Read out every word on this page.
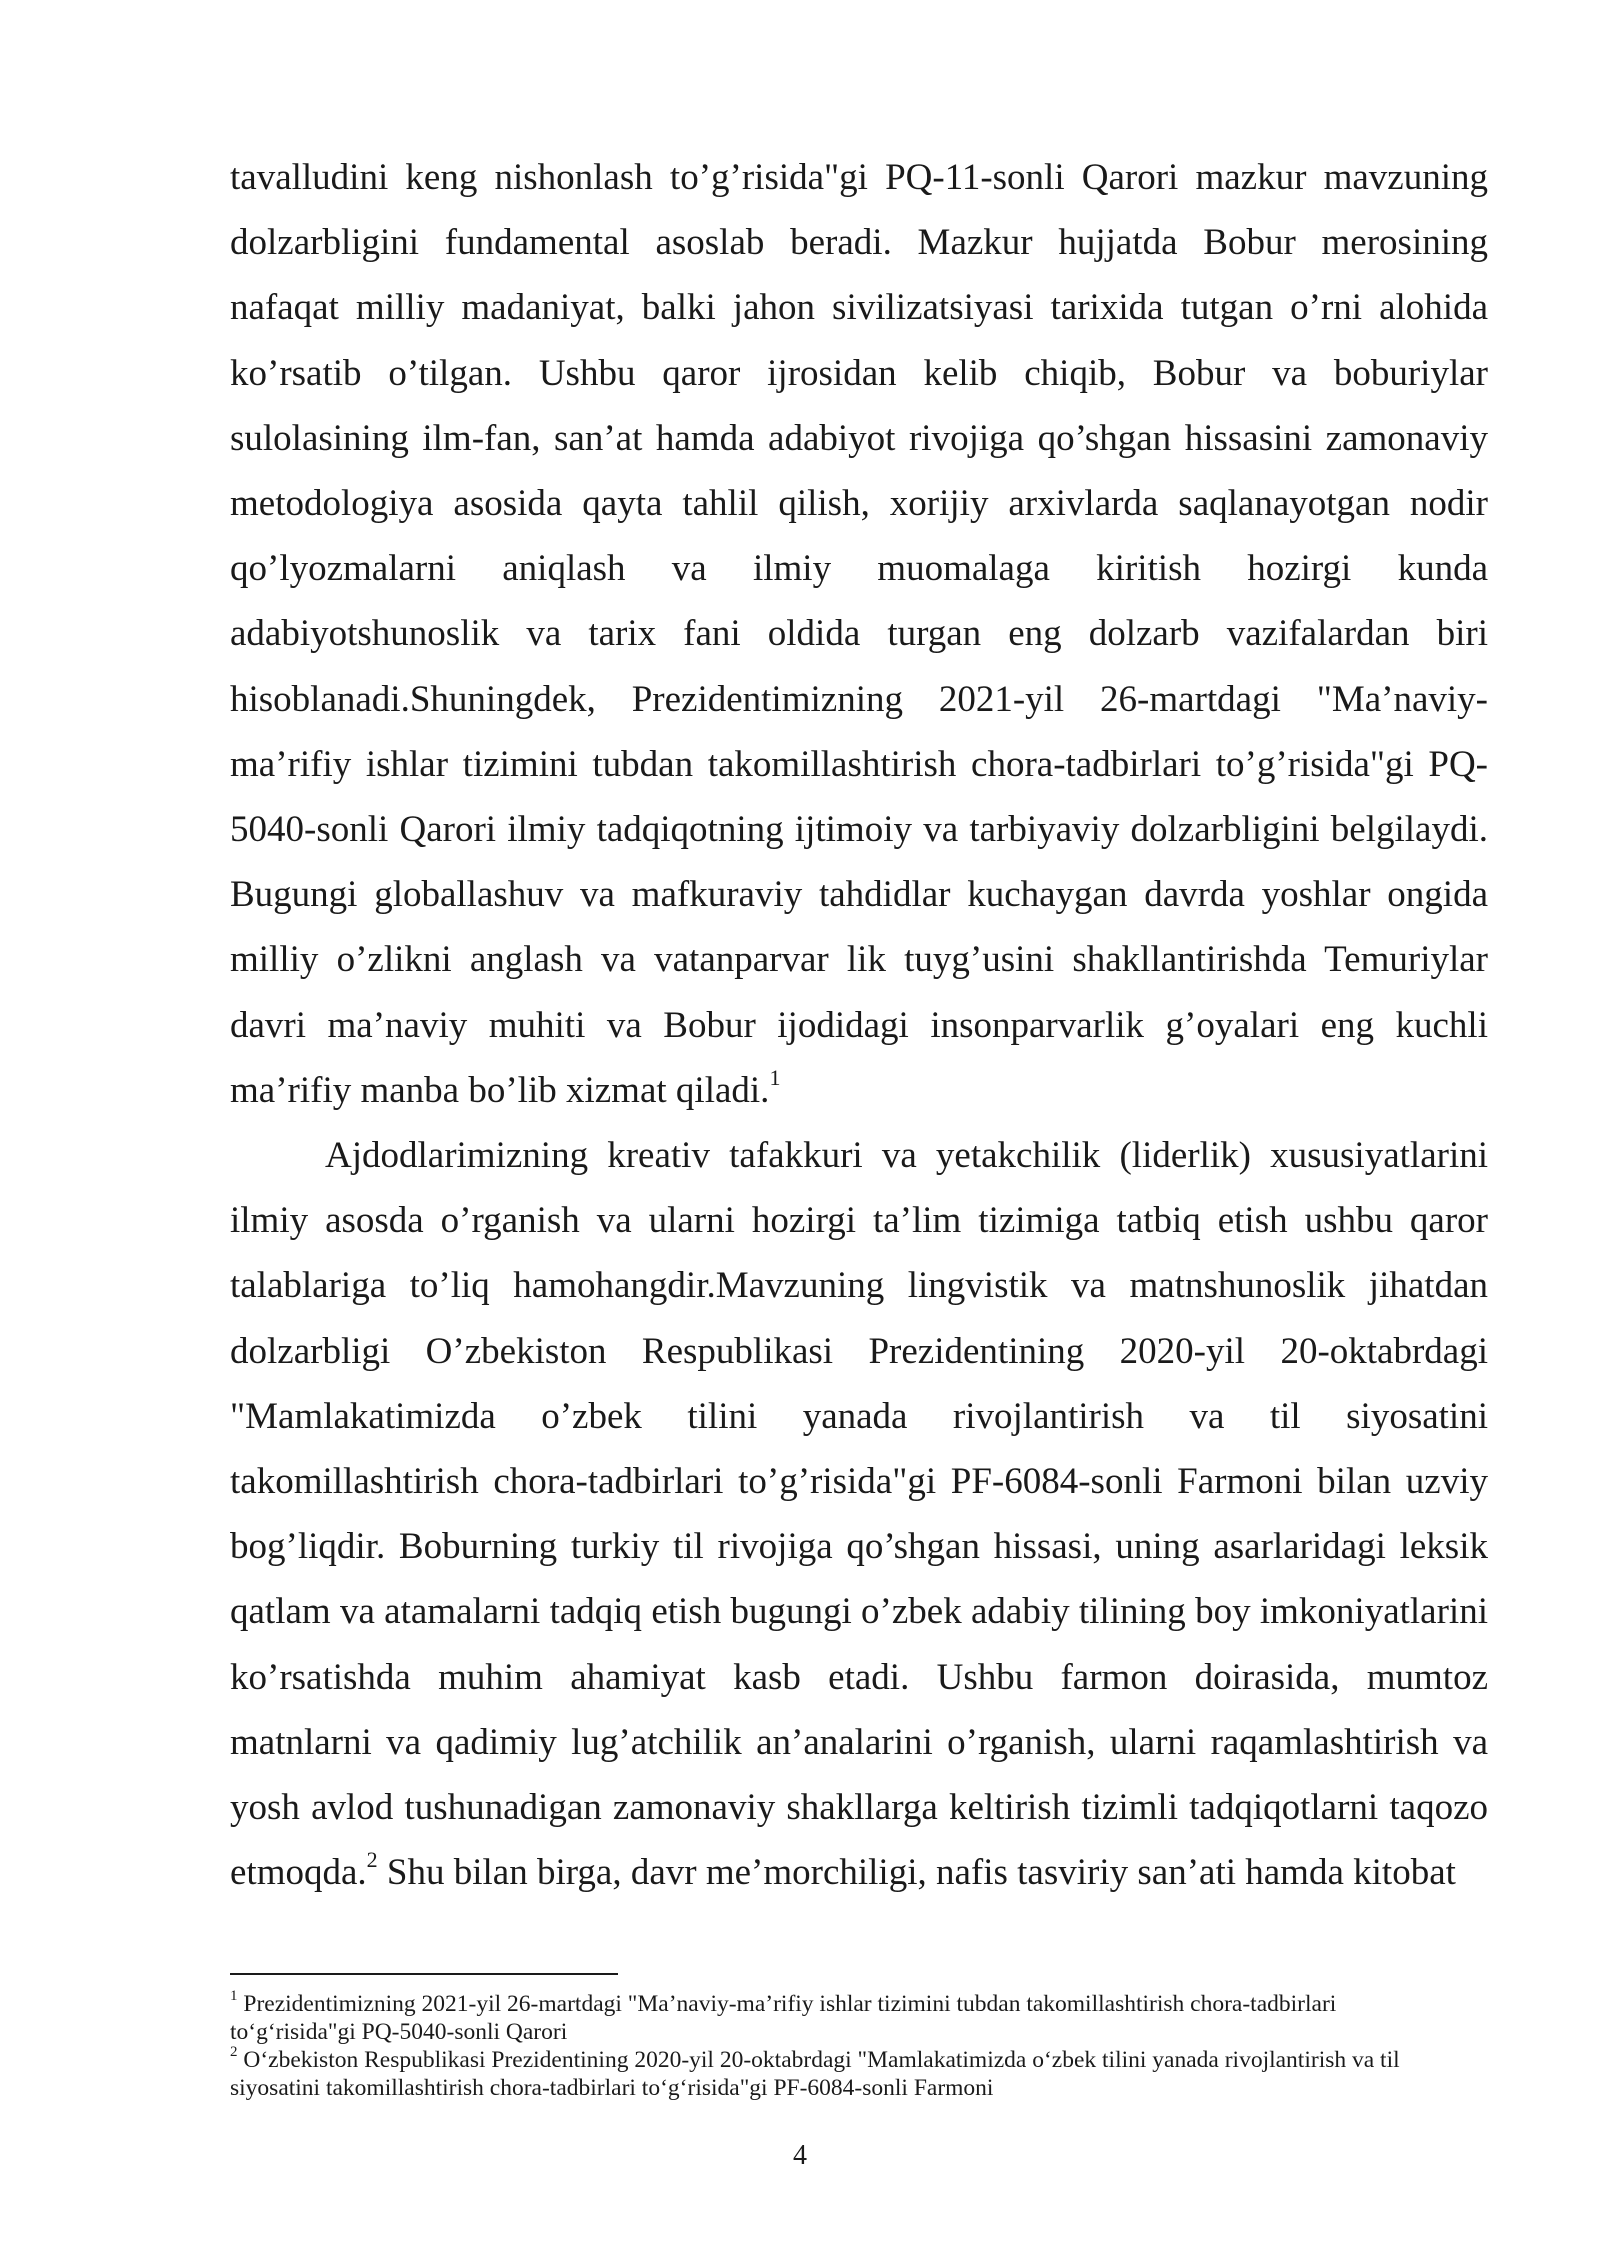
tavalludini keng nishonlash to’g’risida"gi PQ-11-sonli Qarori mazkur mavzuning dolzarbligini fundamental asoslab beradi. Mazkur hujjatda Bobur merosining nafaqat milliy madaniyat, balki jahon sivilizatsiyasi tarixida tutgan o’rni alohida ko’rsatib o’tilgan. Ushbu qaror ijrosidan kelib chiqib, Bobur va boburiylar sulolasining ilm-fan, san’at hamda adabiyot rivojiga qo’shgan hissasini zamonaviy metodologiya asosida qayta tahlil qilish, xorijiy arxivlarda saqlanayotgan nodir qo’lyozmalarni aniqlash va ilmiy muomalaga kiritish hozirgi kunda adabiyotshunoslik va tarix fani oldida turgan eng dolzarb vazifalardan biri hisoblanadi.Shuningdek, Prezidentimizning 2021-yil 26-martdagi "Ma’naviy-ma’rifiy ishlar tizimini tubdan takomillashtirish chora-tadbirlari to’g’risida"gi PQ-5040-sonli Qarori ilmiy tadqiqotning ijtimoiy va tarbiyaviy dolzarbligini belgilaydi. Bugungi globallashuv va mafkuraviy tahdidlar kuchaygan davrda yoshlar ongida milliy o’zlikni anglash va vatanparvar lik tuyg’usini shakllantirishda Temuriylar davri ma’naviy muhiti va Bobur ijodidagi insonparvarlik g’oyalari eng kuchli ma’rifiy manba bo’lib xizmat qiladi.$^1$

Ajdodlarimizning kreativ tafakkuri va yetakchilik (liderlik) xususiyatlarini ilmiy asosda o’rganish va ularni hozirgi ta’lim tizimiga tatbiq etish ushbu qaror talablariga to’liq hamohangdir.Mavzuning lingvistik va matnshunoslik jihatdan dolzarbligi O’zbekiston Respublikasi Prezidentining 2020-yil 20-oktabrdagi "Mamlakatimizda o’zbek tilini yanada rivojlantirish va til siyosatini takomillashtirish chora-tadbirlari to’g’risida"gi PF-6084-sonli Farmoni bilan uzviy bog’liqdir. Boburning turkiy til rivojiga qo’shgan hissasi, uning asarlaridagi leksik qatlam va atamalarni tadqiq etish bugungi o’zbek adabiy tilining boy imkoniyatlarini ko’rsatishda muhim ahamiyat kasb etadi. Ushbu farmon doirasida, mumtoz matnlarni va qadimiy lug’atchilik an’analarini o’rganish, ularni raqamlashtirish va yosh avlod tushunadigan zamonaviy shakllarga keltirish tizimli tadqiqotlarni taqozo etmoqda.$^2$ Shu bilan birga, davr me’morchiligi, nafis tasviriy san’ati hamda kitobat

$^1$ Prezidentimizning 2021-yil 26-martdagi "Ma’naviy-ma’rifiy ishlar tizimini tubdan takomillashtirish chora-tadbirlari to‘g‘risida"gi PQ-5040-sonli Qarori

$^2$ O‘zbekiston Respublikasi Prezidentining 2020-yil 20-oktabrdagi "Mamlakatimizda o‘zbek tilini yanada rivojlantirish va til siyosatini takomillashtirish chora-tadbirlari to‘g‘risida"gi PF-6084-sonli Farmoni

4
